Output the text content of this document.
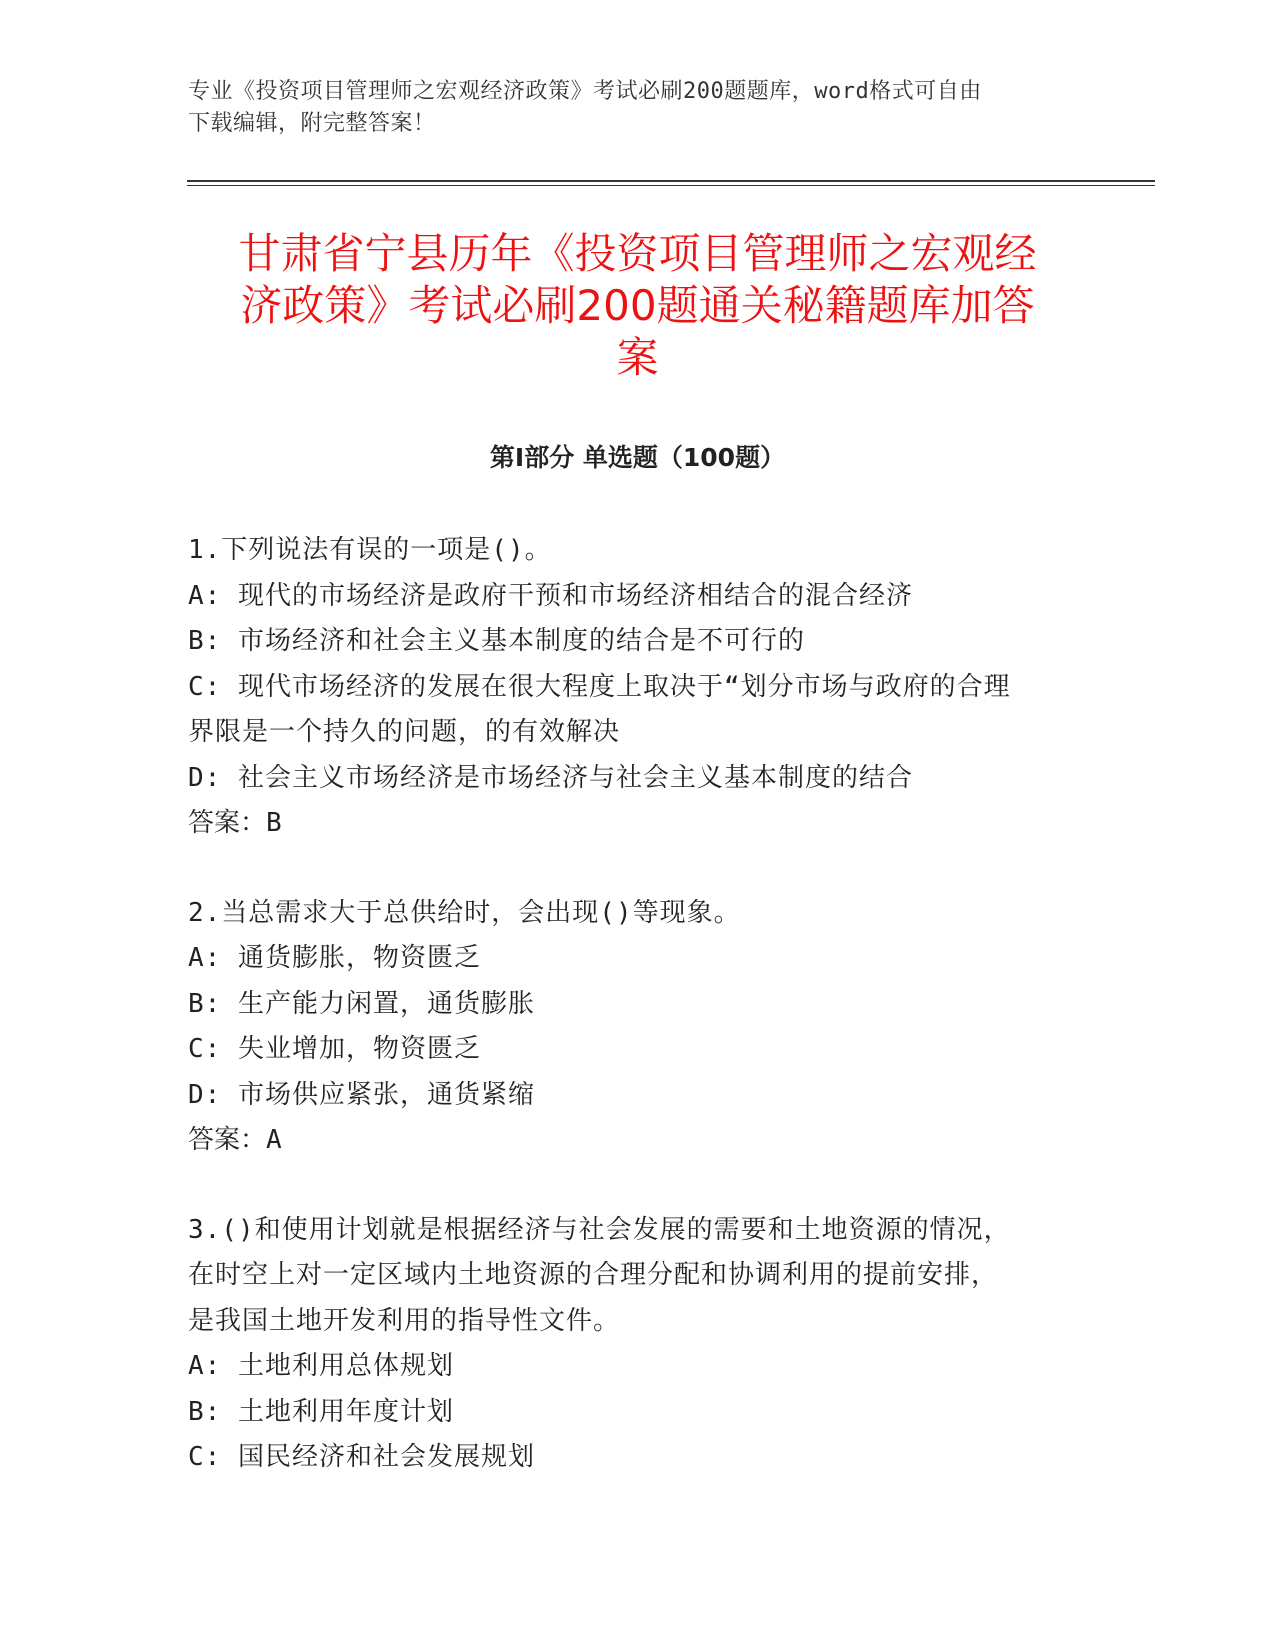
专业《投资项目管理师之宏观经济政策》考试必刷200题题库，word格式可自由
下载编辑，附完整答案！
甘肃省宁县历年《投资项目管理师之宏观经
济政策》考试必刷200题通关秘籍题库加答
案
第Ⅰ部分 单选题（100题）
1.下列说法有误的一项是()。
A: 现代的市场经济是政府干预和市场经济相结合的混合经济
B: 市场经济和社会主义基本制度的结合是不可行的
C: 现代市场经济的发展在很大程度上取决于“划分市场与政府的合理
界限是一个持久的问题，的有效解决
D: 社会主义市场经济是市场经济与社会主义基本制度的结合
答案：B
2.当总需求大于总供给时，会出现()等现象。
A: 通货膨胀，物资匮乏
B: 生产能力闲置，通货膨胀
C: 失业增加，物资匮乏
D: 市场供应紧张，通货紧缩
答案：A
3.()和使用计划就是根据经济与社会发展的需要和土地资源的情况，
在时空上对一定区域内土地资源的合理分配和协调利用的提前安排，
是我国土地开发利用的指导性文件。
A: 土地利用总体规划
B: 土地利用年度计划
C: 国民经济和社会发展规划
